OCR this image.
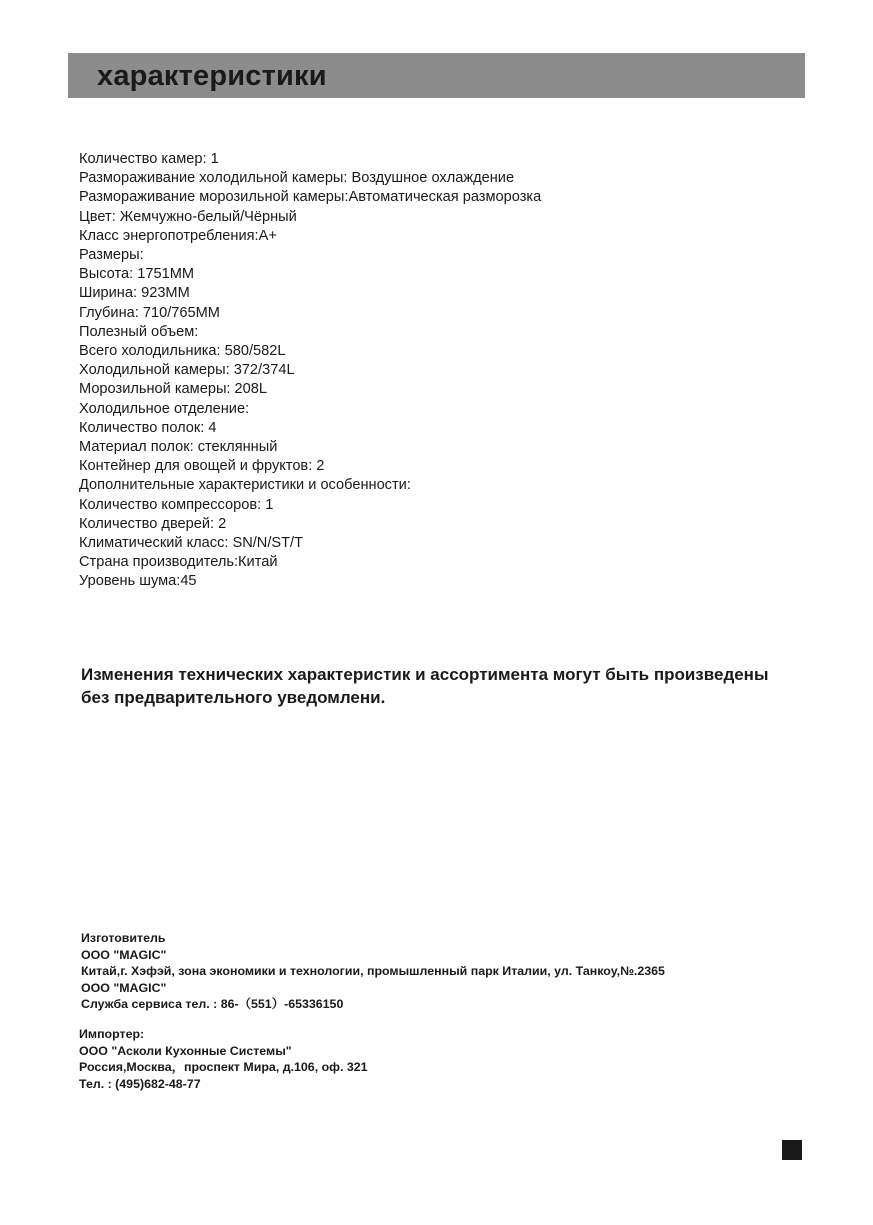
характеристики
Количество камер: 1
Размораживание холодильной камеры: Воздушное охлаждение
Размораживание морозильной камеры:Автоматическая разморозка
Цвет: Жемчужно-белый/Чёрный
Класс энергопотребления:А+
Размеры:
Высота: 1751ММ
Ширина: 923ММ
Глубина: 710/765ММ
Полезный объем:
Всего холодильника: 580/582L
Холодильной камеры: 372/374L
Морозильной камеры: 208L
Холодильное отделение:
Количество полок: 4
Материал полок: стеклянный
Контейнер для овощей и фруктов: 2
Дополнительные характеристики и особенности:
Количество компрессоров: 1
Количество дверей: 2
Климатический класс: SN/N/ST/T
Страна производитель:Китай
Уровень шума:45
Изменения технических характеристик и ассортимента могут быть произведены
без предварительного уведомлени.
Изготовитель
ООО "MAGIC"
Китай,г. Хэфэй, зона экономики и технологии, промышленный парк Италии, ул. Танкоу,№.2365
ООО "MAGIC"
Служба сервиса тел. : 86-（551）-65336150
Импортер:
ООО "Асколи Кухонные Системы"
Россия,Москва，проспект Мира, д.106, оф. 321
Тел. : (495)682-48-77
